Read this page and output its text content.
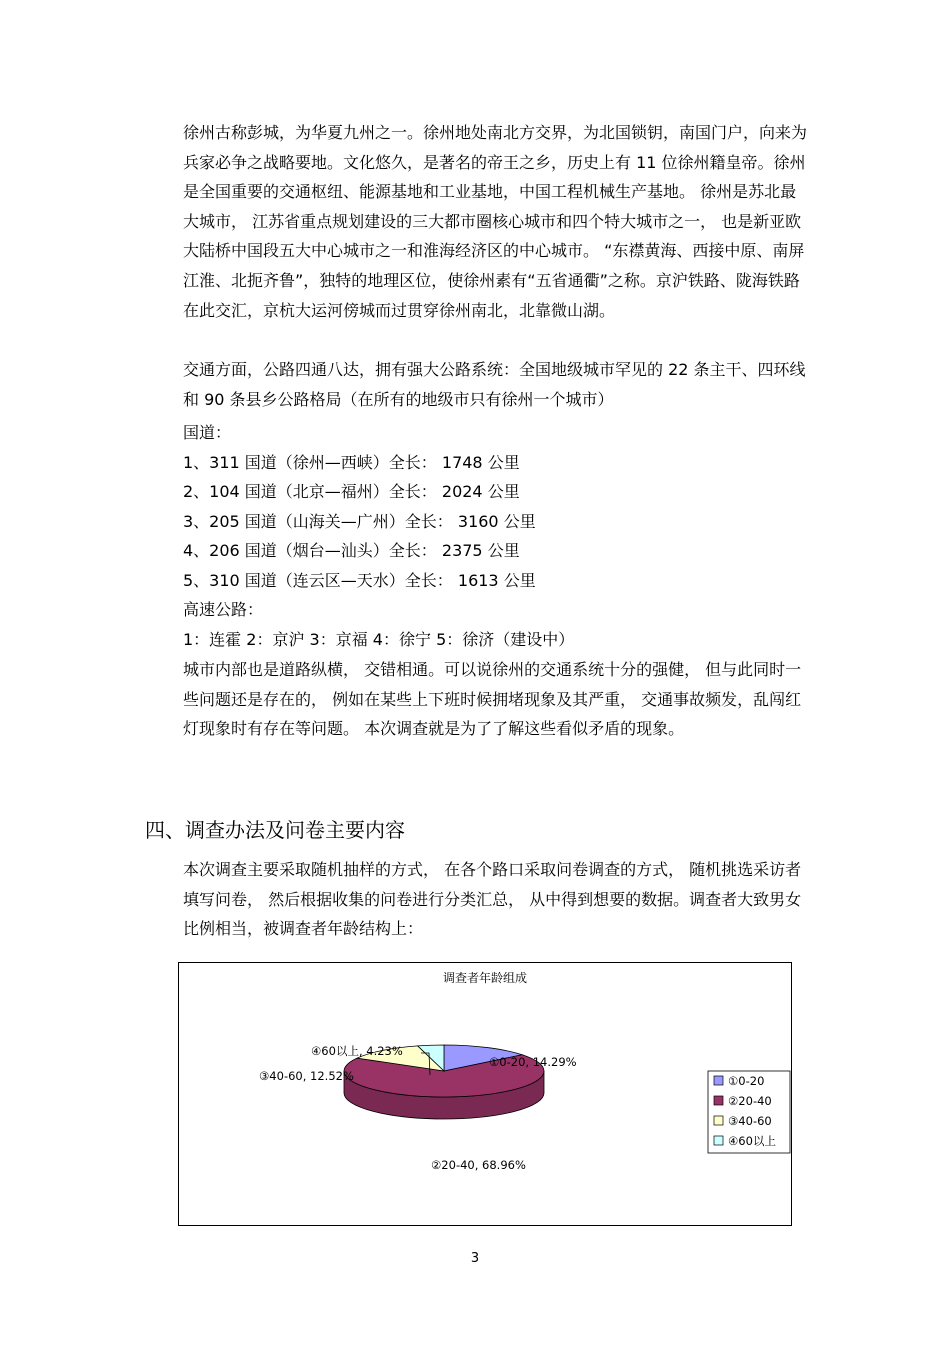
徐州古称彭城，为华夏九州之一。徐州地处南北方交界，为北国锁钥，南国门户，向来为兵家必争之战略要地。文化悠久，是著名的帝王之乡，历史上有 11 位徐州籍皇帝。徐州是全国重要的交通枢纽、能源基地和工业基地，中国工程机械生产基地。 徐州是苏北最大城市， 江苏省重点规划建设的三大都市圈核心城市和四个特大城市之一， 也是新亚欧大陆桥中国段五大中心城市之一和淮海经济区的中心城市。 “东襟黄海、西接中原、南屏江淮、北扼齐鲁”，独特的地理区位，使徐州素有“五省通衢”之称。京沪铁路、陇海铁路在此交汇，京杭大运河傍城而过贯穿徐州南北，北靠微山湖。

交通方面，公路四通八达，拥有强大公路系统：全国地级城市罕见的 22 条主干、四环线和 90 条县乡公路格局（在所有的地级市只有徐州一个城市）

国道：
1、311 国道（徐州—西峡）全长： 1748 公里
2、104 国道（北京—福州）全长： 2024 公里
3、205 国道（山海关—广州）全长： 3160 公里
4、206 国道（烟台—汕头）全长： 2375 公里
5、310 国道（连云区—天水）全长： 1613 公里
高速公路：
1：连霍 2：京沪 3：京福 4：徐宁 5：徐济（建设中）

城市内部也是道路纵横， 交错相通。可以说徐州的交通系统十分的强健， 但与此同时一些问题还是存在的， 例如在某些上下班时候拥堵现象及其严重， 交通事故频发，乱闯红灯现象时有存在等问题。 本次调查就是为了了解这些看似矛盾的现象。

四、调查办法及问卷主要内容

本次调查主要采取随机抽样的方式， 在各个路口采取问卷调查的方式， 随机挑选采访者填写问卷， 然后根据收集的问卷进行分类汇总， 从中得到想要的数据。调查者大致男女比例相当，被调查者年龄结构上：

调查者年龄组成
①0-20, 14.29%
②20-40, 68.96%
③40-60, 12.52%
④60以上, 4.23%
①0-20
②20-40
③40-60
④60以上
3
